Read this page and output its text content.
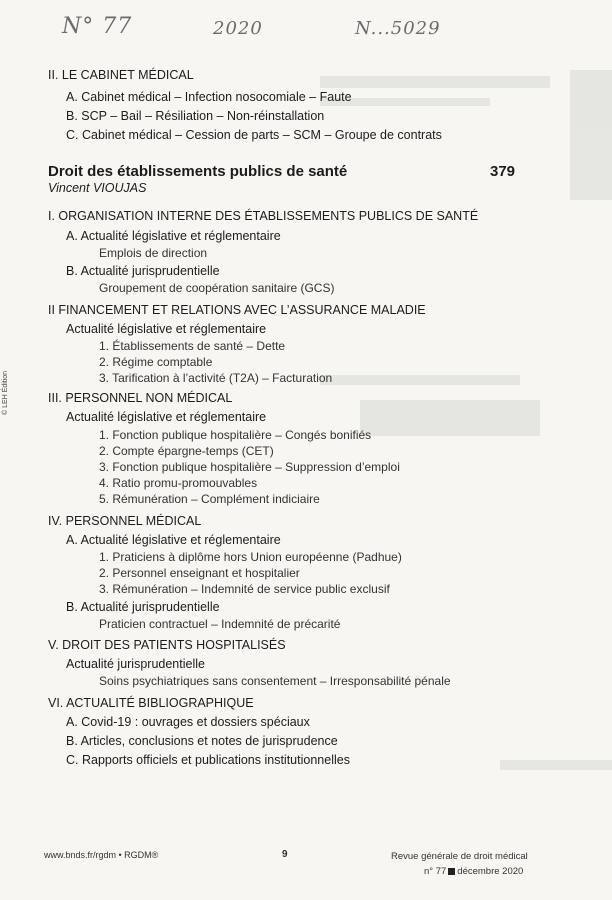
N° 77	2020	N...5029
© LEH Édition
II. LE CABINET MÉDICAL
A. Cabinet médical – Infection nosocomiale – Faute
B. SCP – Bail – Résiliation – Non-réinstallation
C. Cabinet médical – Cession de parts – SCM – Groupe de contrats
Droit des établissements publics de santé	379
Vincent VIOUJAS
I. ORGANISATION INTERNE DES ÉTABLISSEMENTS PUBLICS DE SANTÉ
A. Actualité législative et réglementaire
Emplois de direction
B. Actualité jurisprudentielle
Groupement de coopération sanitaire (GCS)
II FINANCEMENT ET RELATIONS AVEC L’ASSURANCE MALADIE
Actualité législative et réglementaire
1. Établissements de santé – Dette
2. Régime comptable
3. Tarification à l’activité (T2A) – Facturation
III. PERSONNEL NON MÉDICAL
Actualité législative et réglementaire
1. Fonction publique hospitalière – Congés bonifiés
2. Compte épargne-temps (CET)
3. Fonction publique hospitalière – Suppression d’emploi
4. Ratio promu-promouvables
5. Rémunération – Complément indiciaire
IV. PERSONNEL MÉDICAL
A. Actualité législative et réglementaire
1. Praticiens à diplôme hors Union européenne (Padhue)
2. Personnel enseignant et hospitalier
3. Rémunération – Indemnité de service public exclusif
B. Actualité jurisprudentielle
Praticien contractuel – Indemnité de précarité
V. DROIT DES PATIENTS HOSPITALISÉS
Actualité jurisprudentielle
Soins psychiatriques sans consentement – Irresponsabilité pénale
VI. ACTUALITÉ BIBLIOGRAPHIQUE
A. Covid-19 : ouvrages et dossiers spéciaux
B. Articles, conclusions et notes de jurisprudence
C. Rapports officiels et publications institutionnelles
www.bnds.fr/rgdm • RGDM®	9	Revue générale de droit médical
n° 77 décembre 2020
